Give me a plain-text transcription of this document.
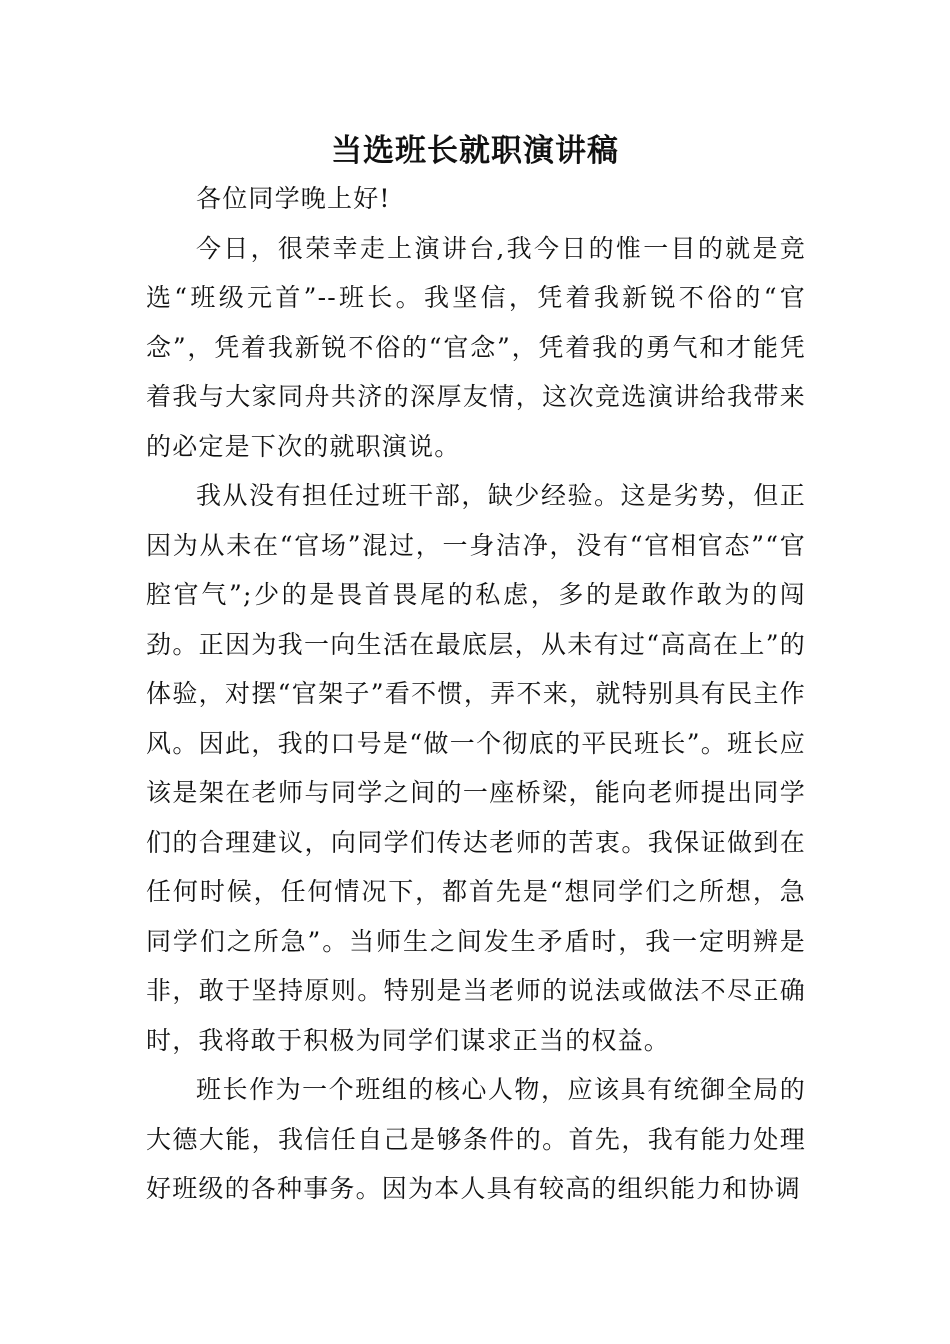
当选班长就职演讲稿

各位同学晚上好!

今日，很荣幸走上演讲台,我今日的惟一目的就是竞选“班级元首”--班长。我坚信，凭着我新锐不俗的“官念”，凭着我新锐不俗的“官念”，凭着我的勇气和才能凭着我与大家同舟共济的深厚友情，这次竞选演讲给我带来的必定是下次的就职演说。

我从没有担任过班干部，缺少经验。这是劣势，但正因为从未在“官场”混过，一身洁净，没有“官相官态”“官腔官气”;少的是畏首畏尾的私虑，多的是敢作敢为的闯劲。正因为我一向生活在最底层，从未有过“高高在上”的体验，对摆“官架子”看不惯，弄不来，就特别具有民主作风。因此，我的口号是“做一个彻底的平民班长”。班长应该是架在老师与同学之间的一座桥梁，能向老师提出同学们的合理建议，向同学们传达老师的苦衷。我保证做到在任何时候，任何情况下，都首先是“想同学们之所想，急同学们之所急”。当师生之间发生矛盾时，我一定明辨是非，敢于坚持原则。特别是当老师的说法或做法不尽正确时，我将敢于积极为同学们谋求正当的权益。

班长作为一个班组的核心人物，应该具有统御全局的大德大能，我信任自己是够条件的。首先，我有能力处理好班级的各种事务。因为本人具有较高的组织能力和协调
